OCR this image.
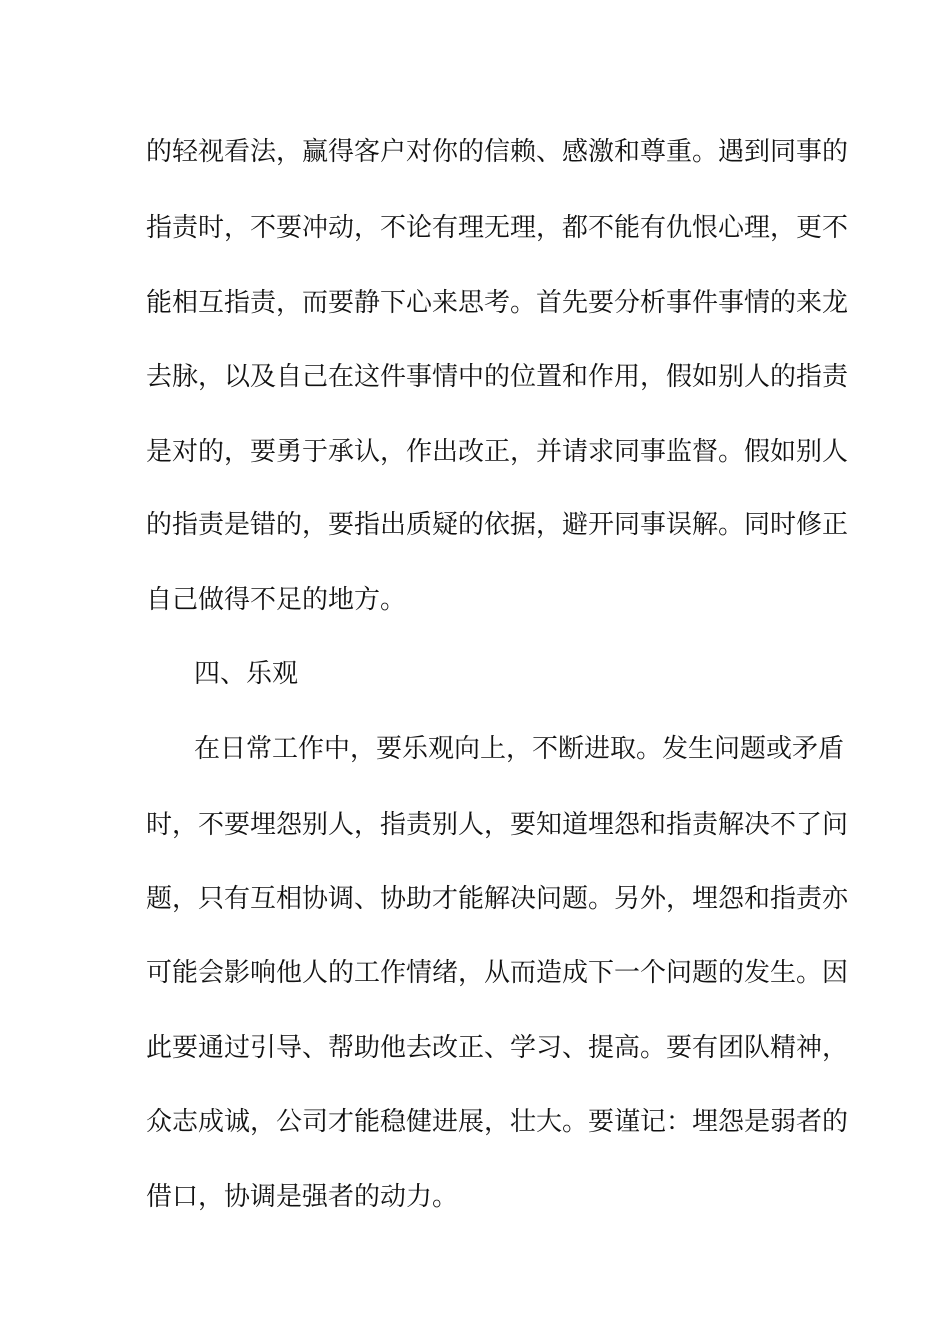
的轻视看法，赢得客户对你的信赖、感激和尊重。遇到同事的
指责时，不要冲动，不论有理无理，都不能有仇恨心理，更不
能相互指责，而要静下心来思考。首先要分析事件事情的来龙
去脉，以及自己在这件事情中的位置和作用，假如别人的指责
是对的，要勇于承认，作出改正，并请求同事监督。假如别人
的指责是错的，要指出质疑的依据，避开同事误解。同时修正
自己做得不足的地方。
四、乐观
在日常工作中，要乐观向上，不断进取。发生问题或矛盾
时，不要埋怨别人，指责别人，要知道埋怨和指责解决不了问
题，只有互相协调、协助才能解决问题。另外，埋怨和指责亦
可能会影响他人的工作情绪，从而造成下一个问题的发生。因
此要通过引导、帮助他去改正、学习、提高。要有团队精神，
众志成诚，公司才能稳健进展，壮大。要谨记：埋怨是弱者的
借口，协调是强者的动力。
